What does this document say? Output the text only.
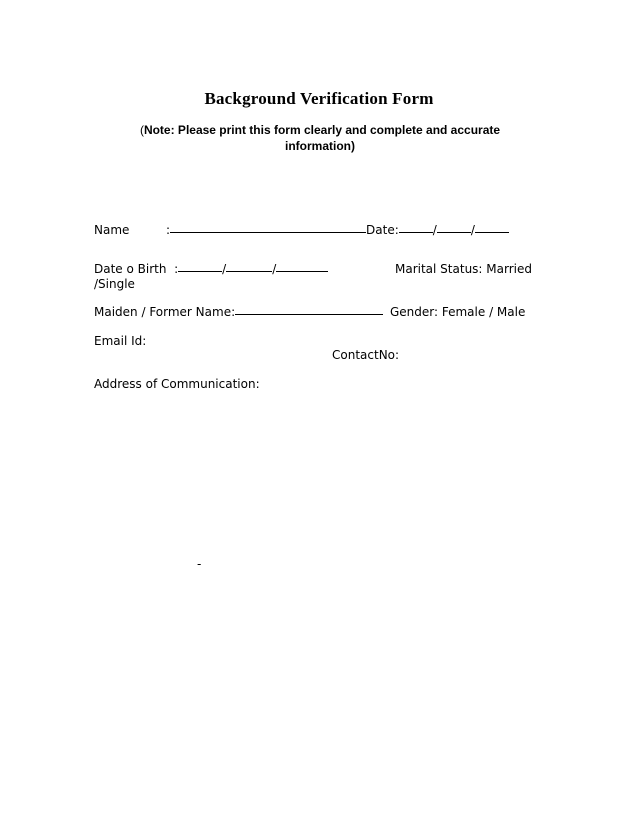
Background Verification Form

(Note: Please print this form clearly and complete and accurate information)

Name	:	Date:	/	/
Date o Birth :	/	/	Marital Status: Married
/Single
Maiden / Former Name:	Gender: Female / Male
Email Id:
ContactNo:
Address of Communication:
-
